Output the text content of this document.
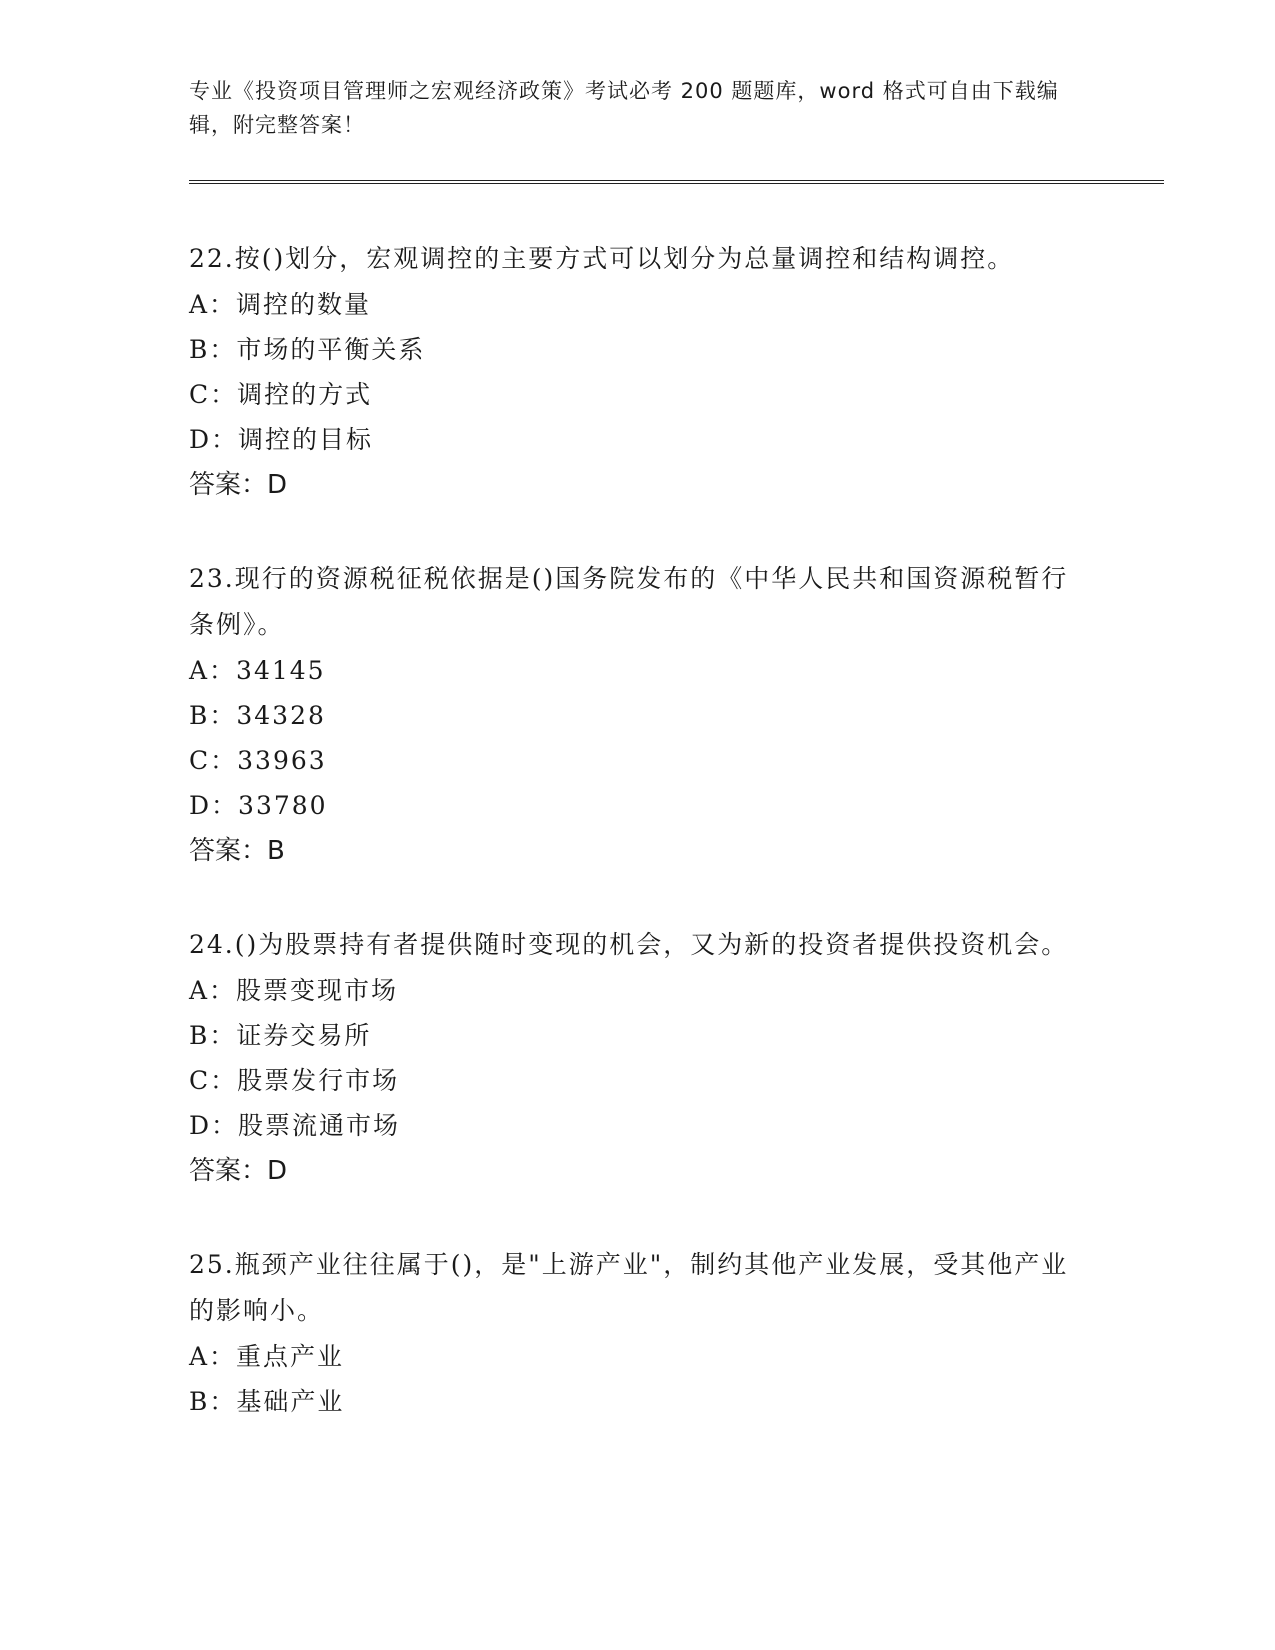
专业《投资项目管理师之宏观经济政策》考试必考 200 题题库，word 格式可自由下载编辑，附完整答案！
22.按()划分，宏观调控的主要方式可以划分为总量调控和结构调控。
A：调控的数量
B：市场的平衡关系
C：调控的方式
D：调控的目标
答案：D
23.现行的资源税征税依据是()国务院发布的《中华人民共和国资源税暂行条例》。
A：34145
B：34328
C：33963
D：33780
答案：B
24.()为股票持有者提供随时变现的机会，又为新的投资者提供投资机会。
A：股票变现市场
B：证券交易所
C：股票发行市场
D：股票流通市场
答案：D
25.瓶颈产业往往属于()，是"上游产业"，制约其他产业发展，受其他产业的影响小。
A：重点产业
B：基础产业
